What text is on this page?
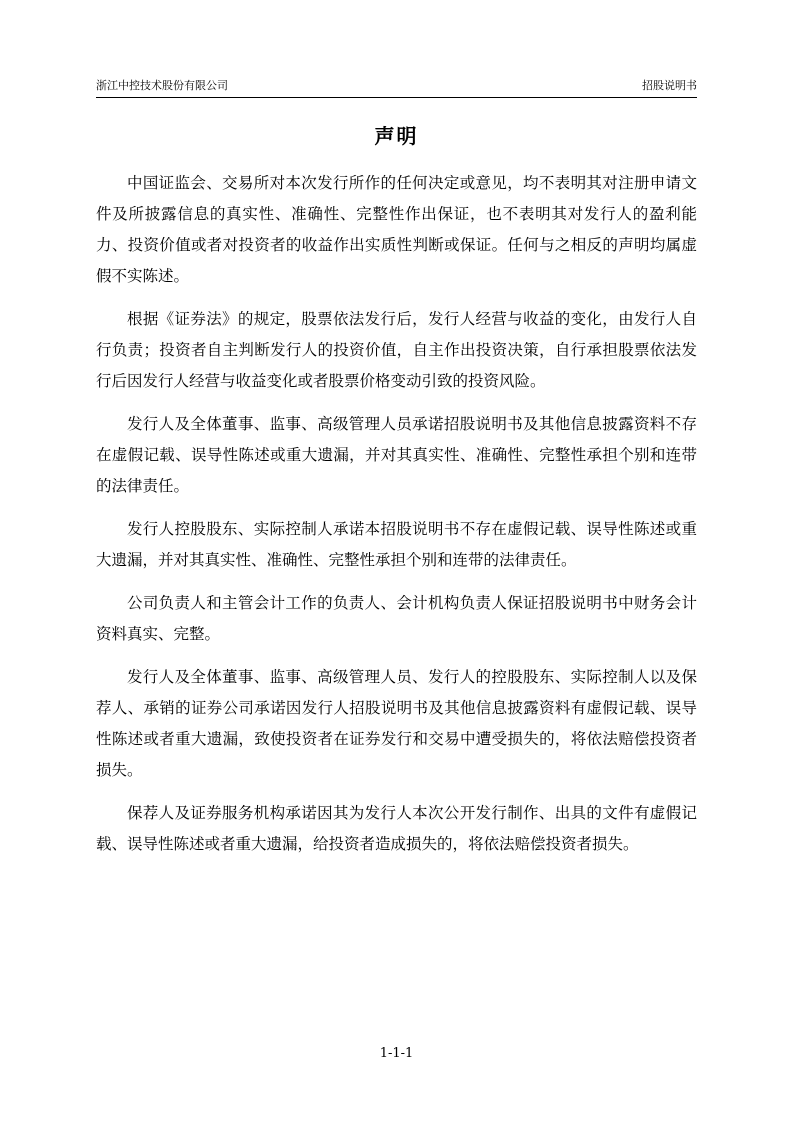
浙江中控技术股份有限公司	招股说明书
声明

中国证监会、交易所对本次发行所作的任何决定或意见，均不表明其对注册申请文件及所披露信息的真实性、准确性、完整性作出保证，也不表明其对发行人的盈利能力、投资价值或者对投资者的收益作出实质性判断或保证。任何与之相反的声明均属虚假不实陈述。

根据《证券法》的规定，股票依法发行后，发行人经营与收益的变化，由发行人自行负责；投资者自主判断发行人的投资价值，自主作出投资决策，自行承担股票依法发行后因发行人经营与收益变化或者股票价格变动引致的投资风险。

发行人及全体董事、监事、高级管理人员承诺招股说明书及其他信息披露资料不存在虚假记载、误导性陈述或重大遗漏，并对其真实性、准确性、完整性承担个别和连带的法律责任。

发行人控股股东、实际控制人承诺本招股说明书不存在虚假记载、误导性陈述或重大遗漏，并对其真实性、准确性、完整性承担个别和连带的法律责任。

公司负责人和主管会计工作的负责人、会计机构负责人保证招股说明书中财务会计资料真实、完整。

发行人及全体董事、监事、高级管理人员、发行人的控股股东、实际控制人以及保荐人、承销的证券公司承诺因发行人招股说明书及其他信息披露资料有虚假记载、误导性陈述或者重大遗漏，致使投资者在证券发行和交易中遭受损失的，将依法赔偿投资者损失。

保荐人及证券服务机构承诺因其为发行人本次公开发行制作、出具的文件有虚假记载、误导性陈述或者重大遗漏，给投资者造成损失的，将依法赔偿投资者损失。

1-1-1
